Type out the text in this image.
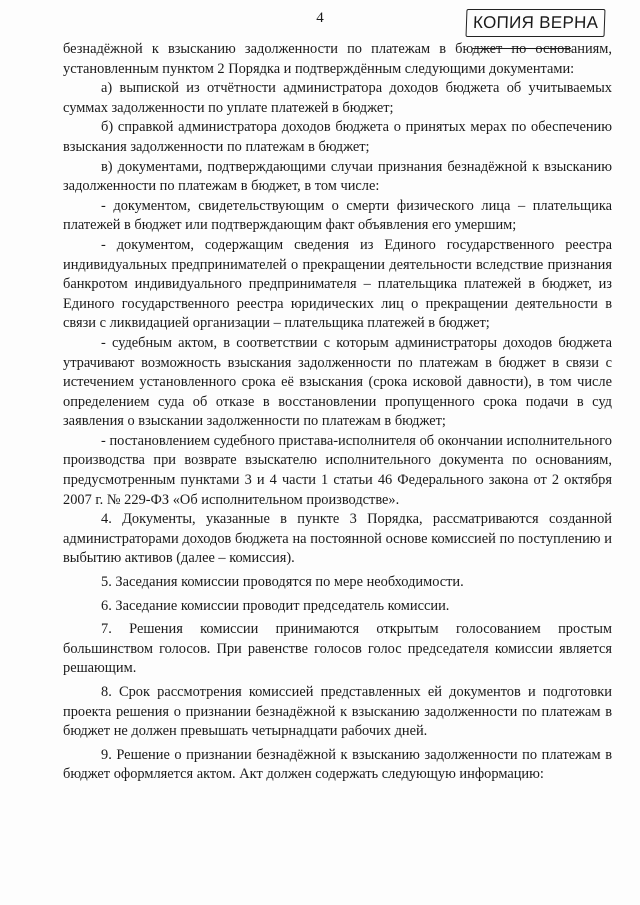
4	КОПИЯ ВЕРНА

безнадёжной к взысканию задолженности по платежам в бюджет по основаниям, установленным пунктом 2 Порядка и подтверждённым следующими документами:

а) выпиской из отчётности администратора доходов бюджета об учитываемых суммах задолженности по уплате платежей в бюджет;

б) справкой администратора доходов бюджета о принятых мерах по обеспечению взыскания задолженности по платежам в бюджет;

в) документами, подтверждающими случаи признания безнадёжной к взысканию задолженности по платежам в бюджет, в том числе:

- документом, свидетельствующим о смерти физического лица – плательщика платежей в бюджет или подтверждающим факт объявления его умершим;

- документом, содержащим сведения из Единого государственного реестра индивидуальных предпринимателей о прекращении деятельности вследствие признания банкротом индивидуального предпринимателя – плательщика платежей в бюджет, из Единого государственного реестра юридических лиц о прекращении деятельности в связи с ликвидацией организации – плательщика платежей в бюджет;

- судебным актом, в соответствии с которым администраторы доходов бюджета утрачивают возможность взыскания задолженности по платежам в бюджет в связи с истечением установленного срока её взыскания (срока исковой давности), в том числе определением суда об отказе в восстановлении пропущенного срока подачи в суд заявления о взыскании задолженности по платежам в бюджет;

- постановлением судебного пристава-исполнителя об окончании исполнительного производства при возврате взыскателю исполнительного документа по основаниям, предусмотренным пунктами 3 и 4 части 1 статьи 46 Федерального закона от 2 октября 2007 г. № 229-ФЗ «Об исполнительном производстве».

4. Документы, указанные в пункте 3 Порядка, рассматриваются созданной администраторами доходов бюджета на постоянной основе комиссией по поступлению и выбытию активов (далее – комиссия).

5. Заседания комиссии проводятся по мере необходимости.

6. Заседание комиссии проводит председатель комиссии.

7. Решения комиссии принимаются открытым голосованием простым большинством голосов. При равенстве голосов голос председателя комиссии является решающим.

8. Срок рассмотрения комиссией представленных ей документов и подготовки проекта решения о признании безнадёжной к взысканию задолженности по платежам в бюджет не должен превышать четырнадцати рабочих дней.

9. Решение о признании безнадёжной к взысканию задолженности по платежам в бюджет оформляется актом. Акт должен содержать следующую информацию:
